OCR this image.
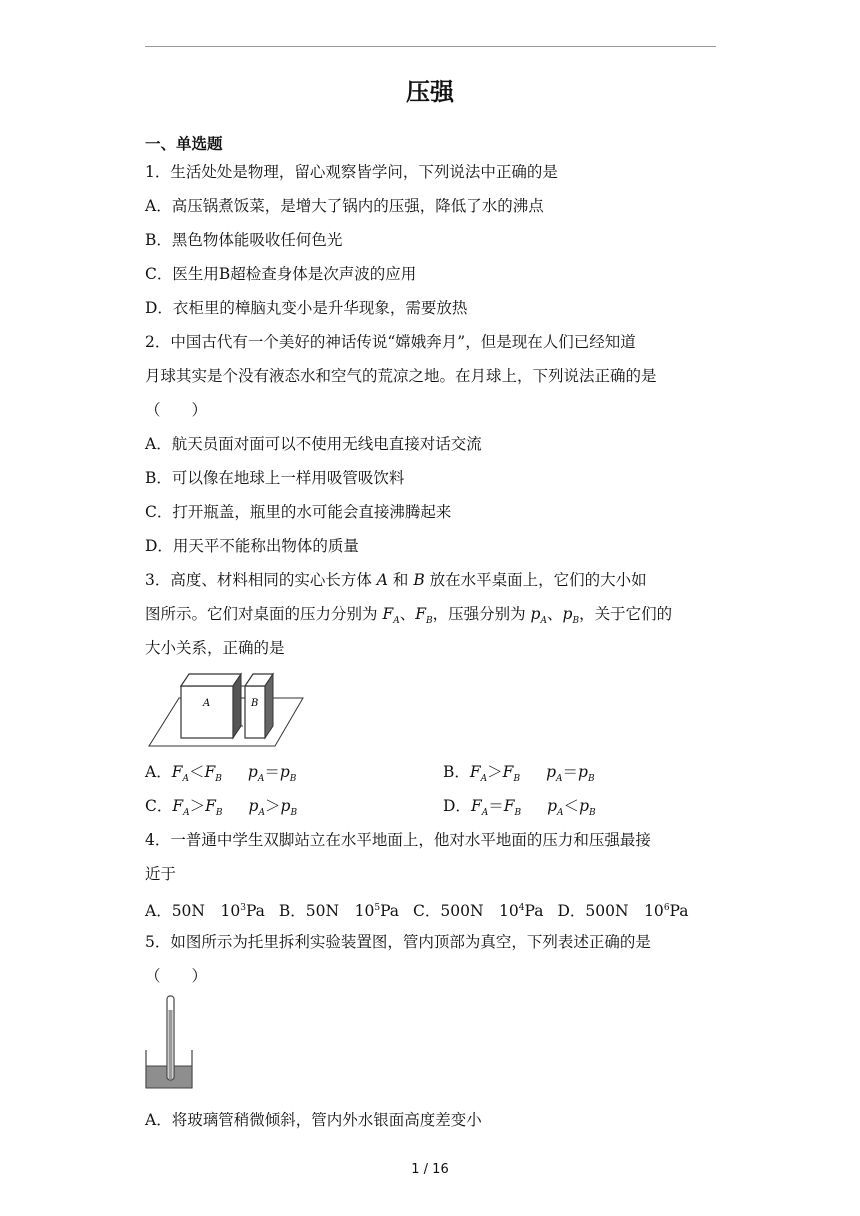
压强
一、单选题
1．生活处处是物理，留心观察皆学问，下列说法中正确的是
A．高压锅煮饭菜，是增大了锅内的压强，降低了水的沸点
B．黑色物体能吸收任何色光
C．医生用B超检查身体是次声波的应用
D．衣柜里的樟脑丸变小是升华现象，需要放热
2．中国古代有一个美好的神话传说“嫦娥奔月”，但是现在人们已经知道
月球其实是个没有液态水和空气的荒凉之地。在月球上，下列说法正确的是
（　　）
A．航天员面对面可以不使用无线电直接对话交流
B．可以像在地球上一样用吸管吸饮料
C．打开瓶盖，瓶里的水可能会直接沸腾起来
D．用天平不能称出物体的质量
3．高度、材料相同的实心长方体 A 和 B 放在水平桌面上，它们的大小如
图所示。它们对桌面的压力分别为 $F_A$、$F_B$，压强分别为 $p_A$、$p_B$，关于它们的
大小关系，正确的是
A	B
A．$F_A<F_B$ $p_A=p_B$	B．$F_A>F_B$ $p_A=p_B$
C．$F_A>F_B$ $p_A>p_B$	D．$F_A=F_B$ $p_A<p_B$
4．一普通中学生双脚站立在水平地面上，他对水平地面的压力和压强最接
近于
A．50N　$10^3Pa$ B．50N　$10^5Pa$ C．500N　$10^4Pa$ D．500N　$10^6Pa$
5．如图所示为托里拆利实验装置图，管内顶部为真空，下列表述正确的是
（　　）
A．将玻璃管稍微倾斜，管内外水银面高度差变小
1 / 16
